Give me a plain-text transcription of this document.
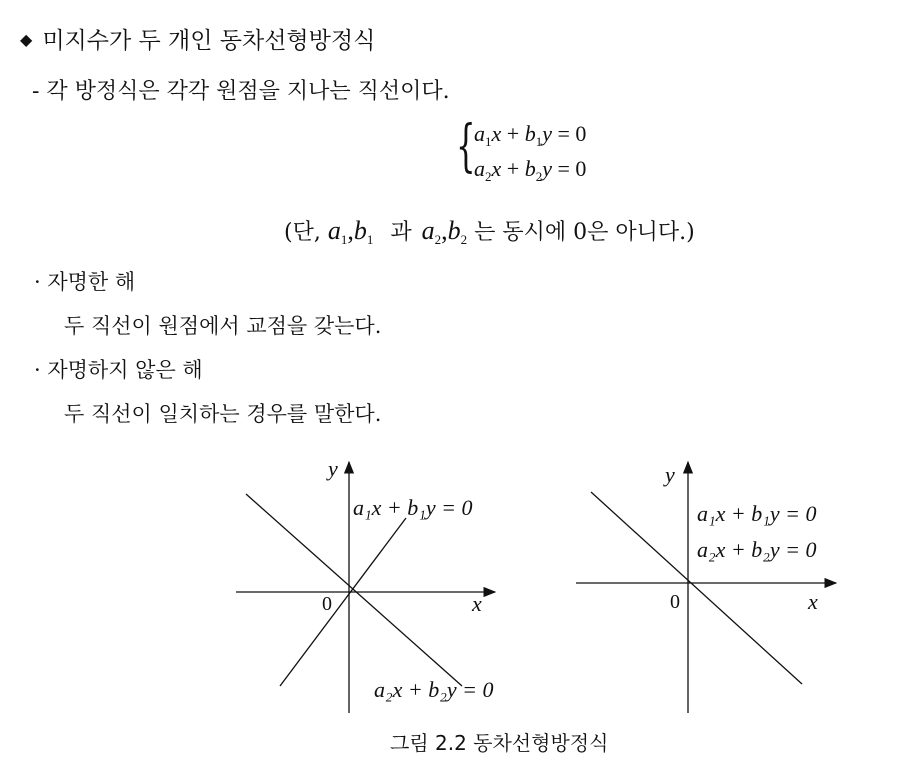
◆ 미지수가 두 개인 동차선형방정식
- 각 방정식은 각각 원점을 지나는 직선이다.
{
$a_1x + b_1y = 0$
$a_2x + b_2y = 0$
(단, $a_1,b_1$ 과 $a_2,b_2$ 는 동시에 0은 아니다.)
· 자명한 해
두 직선이 원점에서 교점을 갖는다.
· 자명하지 않은 해
두 직선이 일치하는 경우를 말한다.
y
x
a₁x + b₁y = 0
a₂x + b₂y = 0
y
x
a₁x + b₁y = 0
a₂x + b₂y = 0
0	0
그림 2.2 동차선형방정식
